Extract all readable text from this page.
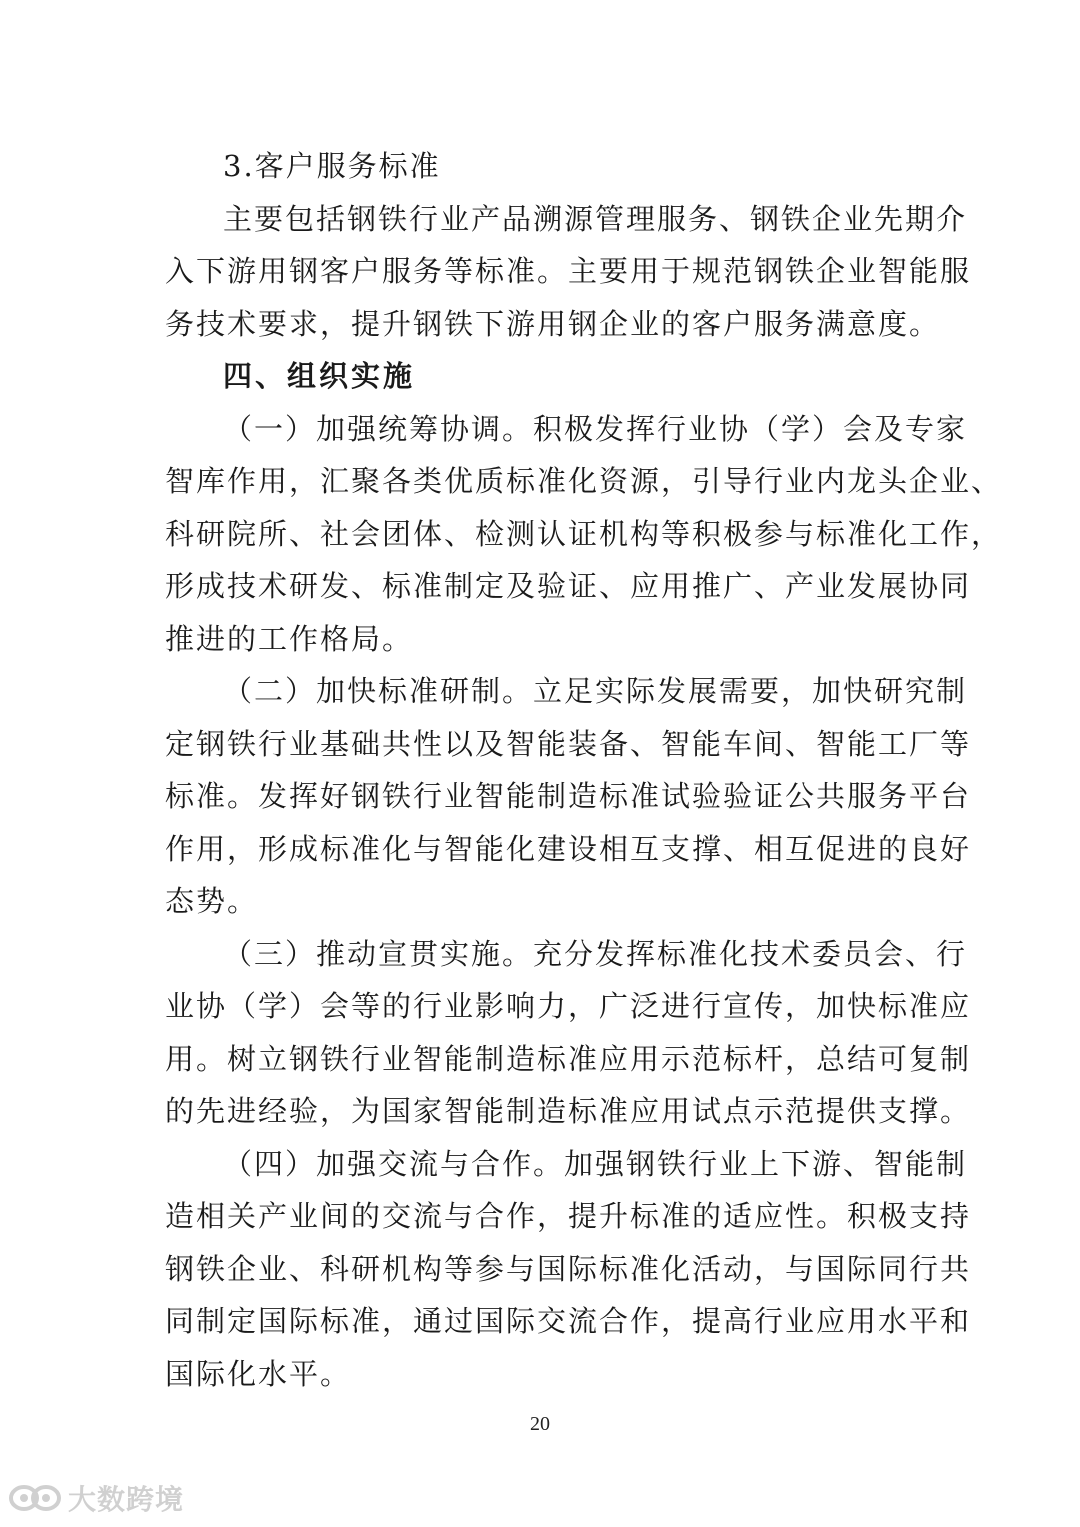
3.客户服务标准
主要包括钢铁行业产品溯源管理服务、钢铁企业先期介
入下游用钢客户服务等标准。主要用于规范钢铁企业智能服
务技术要求，提升钢铁下游用钢企业的客户服务满意度。
四、组织实施
（一）加强统筹协调。积极发挥行业协（学）会及专家
智库作用，汇聚各类优质标准化资源，引导行业内龙头企业、
科研院所、社会团体、检测认证机构等积极参与标准化工作，
形成技术研发、标准制定及验证、应用推广、产业发展协同
推进的工作格局。
（二）加快标准研制。立足实际发展需要，加快研究制
定钢铁行业基础共性以及智能装备、智能车间、智能工厂等
标准。发挥好钢铁行业智能制造标准试验验证公共服务平台
作用，形成标准化与智能化建设相互支撑、相互促进的良好
态势。
（三）推动宣贯实施。充分发挥标准化技术委员会、行
业协（学）会等的行业影响力，广泛进行宣传，加快标准应
用。树立钢铁行业智能制造标准应用示范标杆，总结可复制
的先进经验，为国家智能制造标准应用试点示范提供支撑。
（四）加强交流与合作。加强钢铁行业上下游、智能制
造相关产业间的交流与合作，提升标准的适应性。积极支持
钢铁企业、科研机构等参与国际标准化活动，与国际同行共
同制定国际标准，通过国际交流合作，提高行业应用水平和
国际化水平。
20
大数跨境
